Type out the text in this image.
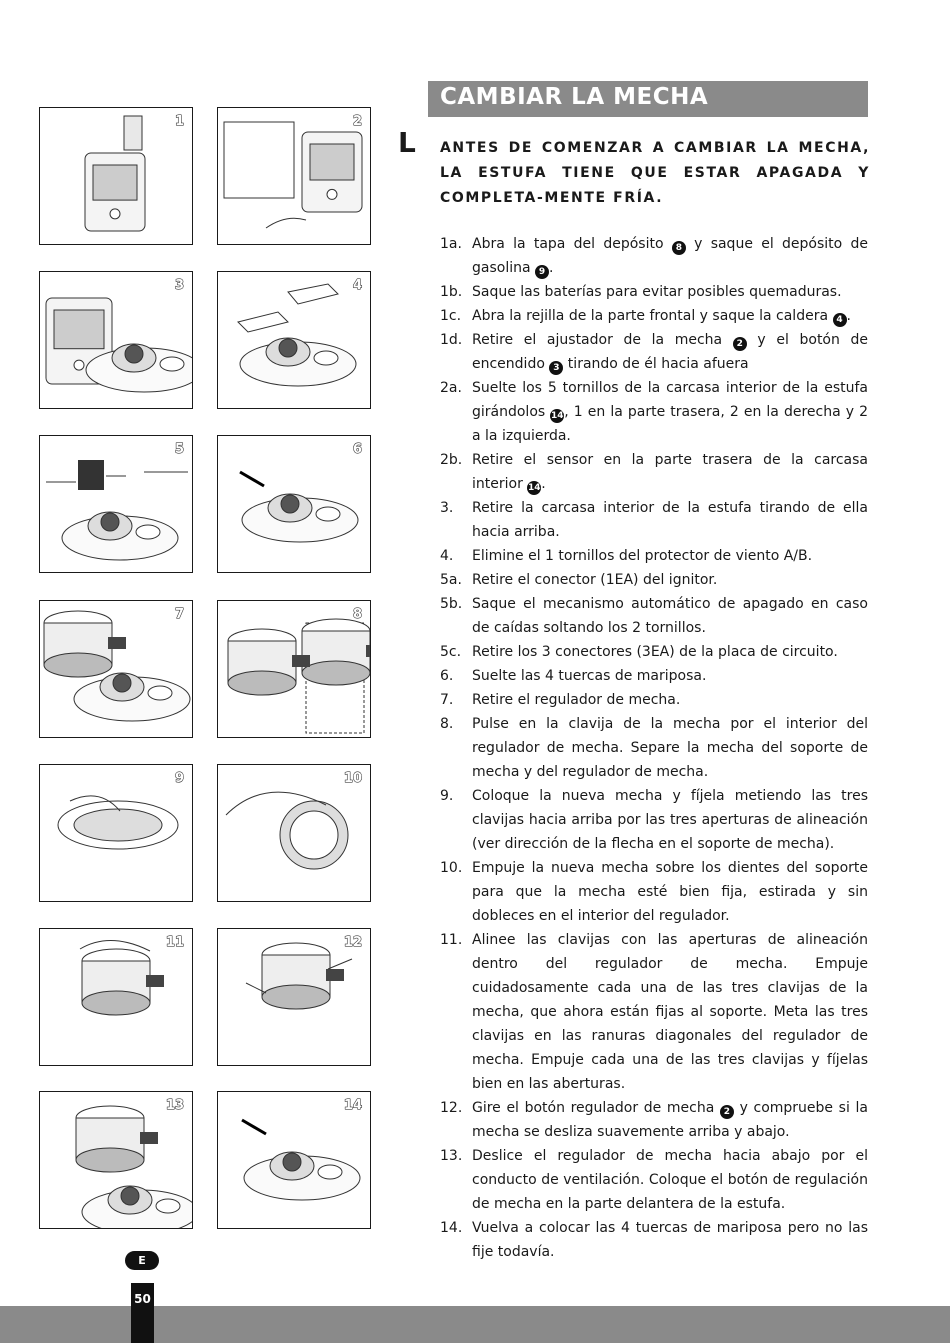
1	2
3	4
5	6
7	8
9	10
11	12
13	14
CAMBIAR LA MECHA
L ANTES DE COMENZAR A CAMBIAR LA MECHA, LA ESTUFA TIENE QUE ESTAR APAGADA Y COMPLETA-MENTE FRÍA.
1a. Abra la tapa del depósito 8 y saque el depósito de gasolina 9 .
1b. Saque las baterías para evitar posibles quemaduras.
1c. Abra la rejilla de la parte frontal y saque la caldera 4 .
1d. Retire el ajustador de la mecha 2 y el botón de encendido 3 tirando de él hacia afuera
2a. Suelte los 5 tornillos de la carcasa interior de la estufa girándolos 14, 1 en la parte trasera, 2 en la derecha y 2 a la izquierda.
2b. Retire el sensor en la parte trasera de la carcasa interior 14.
3.	Retire la carcasa interior de la estufa tirando de ella hacia arriba.
4.	Elimine el 1 tornillos del protector de viento A/B.
5a. Retire el conector (1EA) del ignitor.
5b. Saque el mecanismo automático de apagado en caso de caídas soltando los 2 tornillos.
5c. Retire los 3 conectores (3EA) de la placa de circuito.
6.	Suelte las 4 tuercas de mariposa.
7.	Retire el regulador de mecha.
8.	Pulse en la clavija de la mecha por el interior del regulador de mecha. Separe la mecha del soporte de mecha y del regulador de mecha.
9.	Coloque la nueva mecha y fíjela metiendo las tres clavijas hacia arriba por las tres aperturas de alineación (ver dirección de la flecha en el soporte de mecha).
10. Empuje la nueva mecha sobre los dientes del soporte para que la mecha esté bien fija, estirada y sin dobleces en el interior del regulador.
11. Alinee las clavijas con las aperturas de alineación dentro del regulador de mecha. Empuje cuidadosamente cada una de las tres clavijas de la mecha, que ahora están fijas al soporte. Meta las tres clavijas en las ranuras diagonales del regulador de mecha. Empuje cada una de las tres clavijas y fíjelas bien en las aberturas.
12. Gire el botón regulador de mecha 2 y compruebe si la mecha se desliza suavemente arriba y abajo.
13. Deslice el regulador de mecha hacia abajo por el conducto de ventilación. Coloque el botón de regulación de mecha en la parte delantera de la estufa.
14. Vuelva a colocar las 4 tuercas de mariposa pero no las fije todavía.
E
50
